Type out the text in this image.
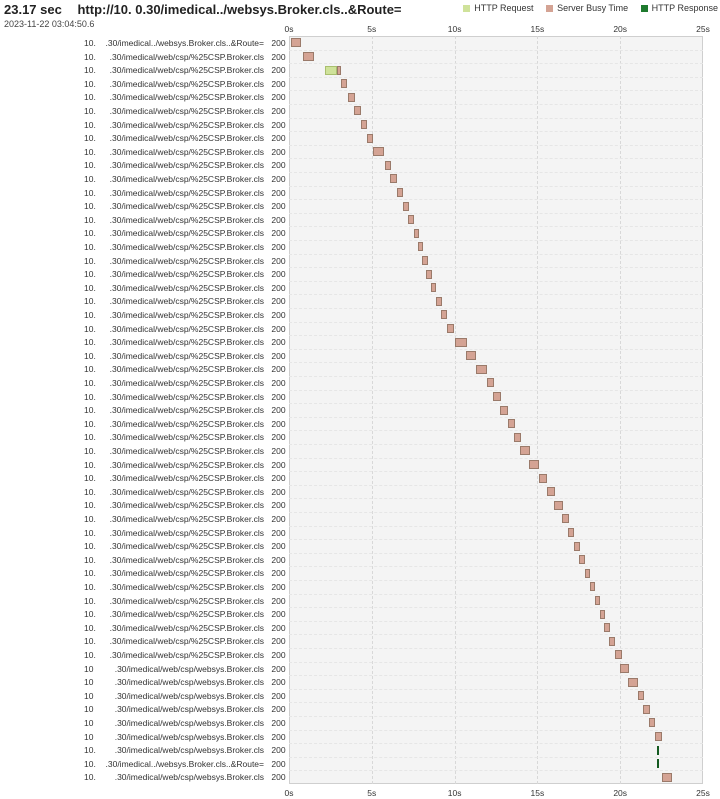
23.17 sec http://10. 0.30/imedical../websys.Broker.cls..&Route=
2023-11-22 03:04:50.6
HTTP Request	Server Busy Time	HTTP Response
0s
0s
5s
5s
10s
10s
15s
15s
20s
20s
25s
25s
10. .30/imedical../websys.Broker.cls..&Route= 200
10. .30/imedical/web/csp/%25CSP.Broker.cls 200
10. .30/imedical/web/csp/%25CSP.Broker.cls 200
10. .30/imedical/web/csp/%25CSP.Broker.cls 200
10. .30/imedical/web/csp/%25CSP.Broker.cls 200
10. .30/imedical/web/csp/%25CSP.Broker.cls 200
10. .30/imedical/web/csp/%25CSP.Broker.cls 200
10. .30/imedical/web/csp/%25CSP.Broker.cls 200
10. .30/imedical/web/csp/%25CSP.Broker.cls 200
10. .30/imedical/web/csp/%25CSP.Broker.cls 200
10. .30/imedical/web/csp/%25CSP.Broker.cls 200
10. .30/imedical/web/csp/%25CSP.Broker.cls 200
10. .30/imedical/web/csp/%25CSP.Broker.cls 200
10. .30/imedical/web/csp/%25CSP.Broker.cls 200
10. .30/imedical/web/csp/%25CSP.Broker.cls 200
10. .30/imedical/web/csp/%25CSP.Broker.cls 200
10. .30/imedical/web/csp/%25CSP.Broker.cls 200
10. .30/imedical/web/csp/%25CSP.Broker.cls 200
10. .30/imedical/web/csp/%25CSP.Broker.cls 200
10. .30/imedical/web/csp/%25CSP.Broker.cls 200
10. .30/imedical/web/csp/%25CSP.Broker.cls 200
10. .30/imedical/web/csp/%25CSP.Broker.cls 200
10. .30/imedical/web/csp/%25CSP.Broker.cls 200
10. .30/imedical/web/csp/%25CSP.Broker.cls 200
10. .30/imedical/web/csp/%25CSP.Broker.cls 200
10. .30/imedical/web/csp/%25CSP.Broker.cls 200
10. .30/imedical/web/csp/%25CSP.Broker.cls 200
10. .30/imedical/web/csp/%25CSP.Broker.cls 200
10. .30/imedical/web/csp/%25CSP.Broker.cls 200
10. .30/imedical/web/csp/%25CSP.Broker.cls 200
10. .30/imedical/web/csp/%25CSP.Broker.cls 200
10. .30/imedical/web/csp/%25CSP.Broker.cls 200
10. .30/imedical/web/csp/%25CSP.Broker.cls 200
10. .30/imedical/web/csp/%25CSP.Broker.cls 200
10. .30/imedical/web/csp/%25CSP.Broker.cls 200
10. .30/imedical/web/csp/%25CSP.Broker.cls 200
10. .30/imedical/web/csp/%25CSP.Broker.cls 200
10. .30/imedical/web/csp/%25CSP.Broker.cls 200
10. .30/imedical/web/csp/%25CSP.Broker.cls 200
10. .30/imedical/web/csp/%25CSP.Broker.cls 200
10. .30/imedical/web/csp/%25CSP.Broker.cls 200
10. .30/imedical/web/csp/%25CSP.Broker.cls 200
10. .30/imedical/web/csp/%25CSP.Broker.cls 200
10. .30/imedical/web/csp/%25CSP.Broker.cls 200
10. .30/imedical/web/csp/%25CSP.Broker.cls 200
10. .30/imedical/web/csp/%25CSP.Broker.cls 200
10	.30/imedical/web/csp/websys.Broker.cls 200
10	.30/imedical/web/csp/websys.Broker.cls 200
10	.30/imedical/web/csp/websys.Broker.cls 200
10	.30/imedical/web/csp/websys.Broker.cls 200
10	.30/imedical/web/csp/websys.Broker.cls 200
10	.30/imedical/web/csp/websys.Broker.cls 200
10. .30/imedical/web/csp/websys.Broker.cls 200
10. .30/imedical../websys.Broker.cls..&Route= 200
10. .30/imedical/web/csp/websys.Broker.cls 200
